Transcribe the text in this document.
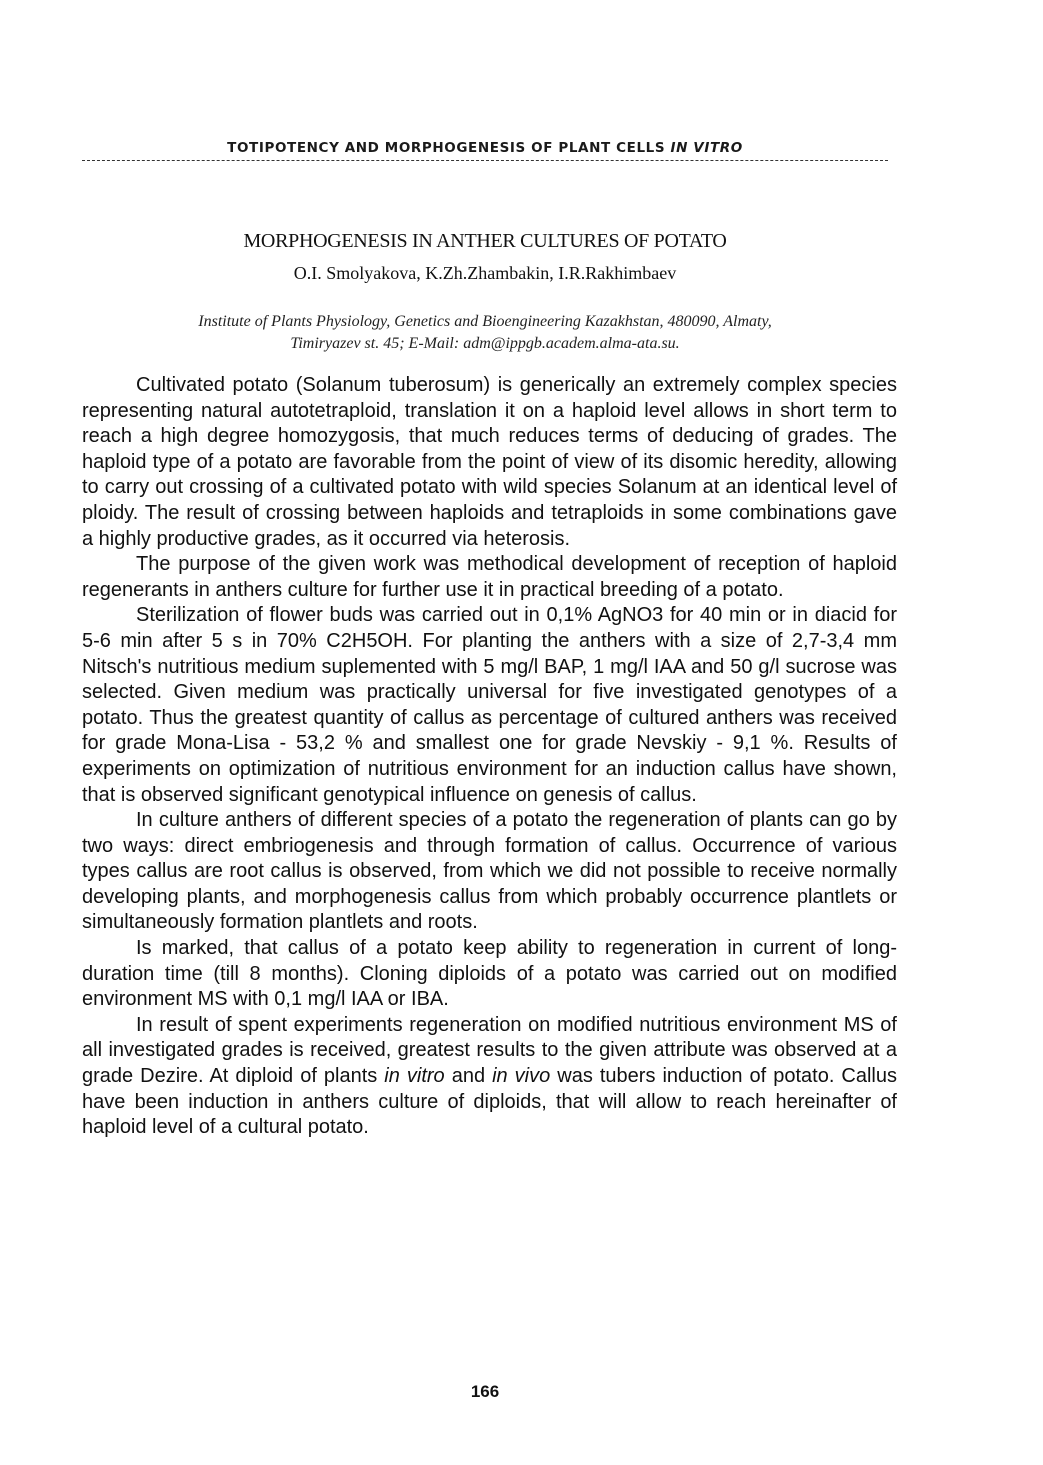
TOTIPOTENCY AND MORPHOGENESIS OF PLANT CELLS IN VITRO
MORPHOGENESIS IN ANTHER CULTURES OF POTATO
O.I. Smolyakova, K.Zh.Zhambakin, I.R.Rakhimbaev
Institute of Plants Physiology, Genetics and Bioengineering Kazakhstan, 480090, Almaty,
Timiryazev st. 45; E-Mail: adm@ippgb.academ.alma-ata.su.

Cultivated potato (Solanum tuberosum) is generically an extremely complex species representing natural autotetraploid, translation it on a haploid level allows in short term to reach a high degree homozygosis, that much reduces terms of deducing of grades. The haploid type of a potato are favorable from the point of view of its disomic heredity, allowing to carry out crossing of a cultivated potato with wild species Solanum at an identical level of ploidy. The result of crossing between haploids and tetraploids in some combinations gave a highly productive grades, as it occurred via heterosis.

The purpose of the given work was methodical development of reception of haploid regenerants in anthers culture for further use it in practical breeding of a potato.

Sterilization of flower buds was carried out in 0,1% AgNO3 for 40 min or in diacid for 5-6 min after 5 s in 70% C2H5OH. For planting the anthers with a size of 2,7-3,4 mm Nitsch's nutritious medium suplemented with 5 mg/l BAP, 1 mg/l IAA and 50 g/l sucrose was selected. Given medium was practically universal for five investigated genotypes of a potato. Thus the greatest quantity of callus as percentage of cultured anthers was received for grade Mona-Lisa - 53,2 % and smallest one for grade Nevskiy - 9,1 %. Results of experiments on optimization of nutritious environment for an induction callus have shown, that is observed significant genotypical influence on genesis of callus.

In culture anthers of different species of a potato the regeneration of plants can go by two ways: direct embriogenesis and through formation of callus. Occurrence of various types callus are root callus is observed, from which we did not possible to receive normally developing plants, and morphogenesis callus from which probably occurrence plantlets or simultaneously formation plantlets and roots.

Is marked, that callus of a potato keep ability to regeneration in current of long-duration time (till 8 months). Cloning diploids of a potato was carried out on modified environment MS with 0,1 mg/l IAA or IBA.

In result of spent experiments regeneration on modified nutritious environment MS of all investigated grades is received, greatest results to the given attribute was observed at a grade Dezire. At diploid of plants in vitro and in vivo was tubers induction of potato. Callus have been induction in anthers culture of diploids, that will allow to reach hereinafter of haploid level of a cultural potato.

166
